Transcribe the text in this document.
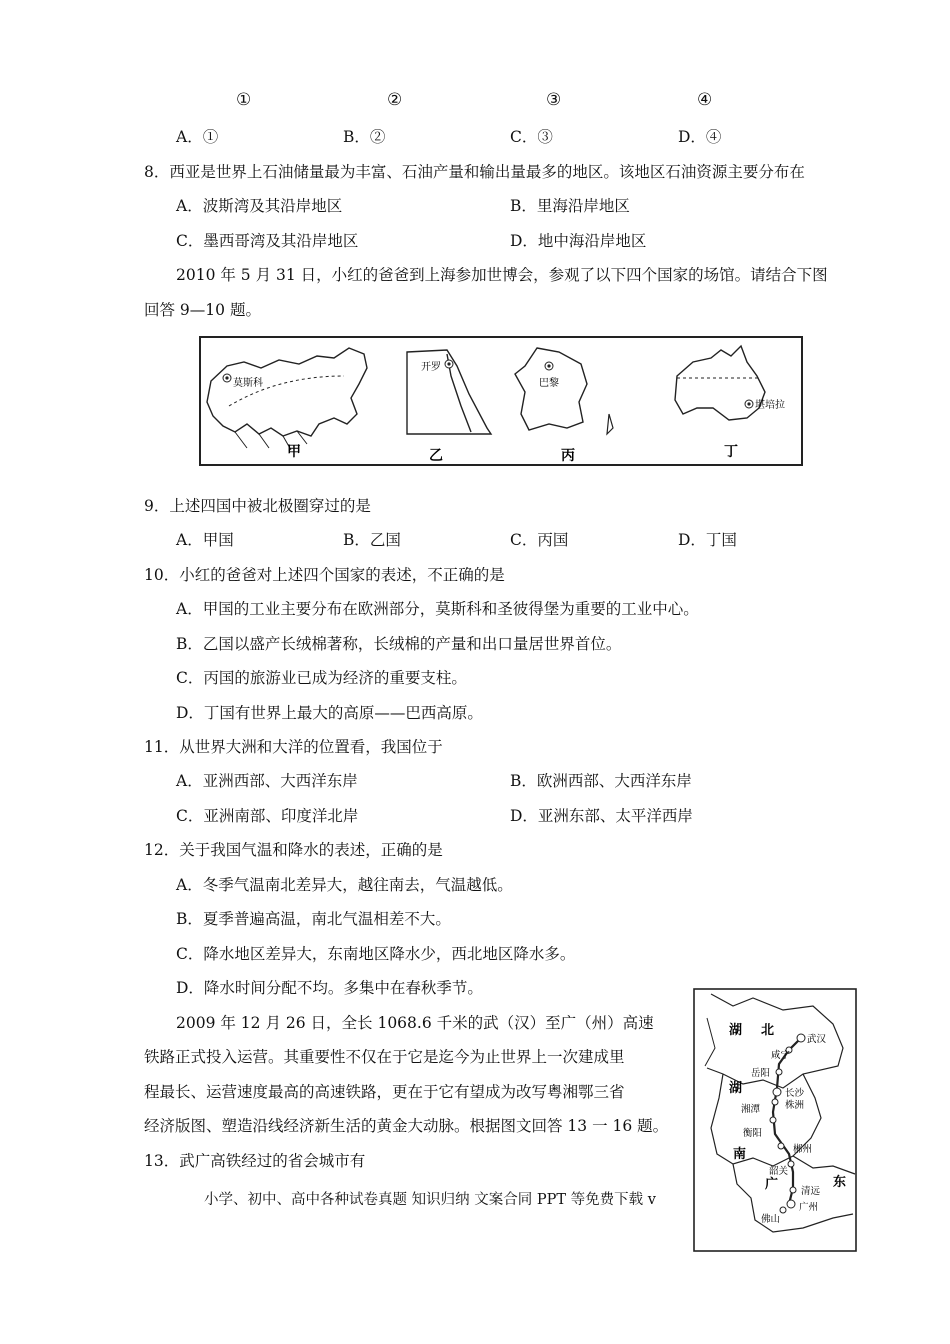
①	②	③	④
A．①	B．②	C．③	D．④
8．西亚是世界上石油储量最为丰富、石油产量和输出量最多的地区。该地区石油资源主要分布在
A．波斯湾及其沿岸地区	B．里海沿岸地区
C．墨西哥湾及其沿岸地区	D．地中海沿岸地区
2010 年 5 月 31 日，小红的爸爸到上海参加世博会，参观了以下四个国家的场馆。请结合下图
回答 9—10 题。
莫斯科
甲
开罗
乙
巴黎
丙
堪培拉
丁
9．上述四国中被北极圈穿过的是
A．甲国	B．乙国	C．丙国	D．丁国
10．小红的爸爸对上述四个国家的表述，不正确的是
A．甲国的工业主要分布在欧洲部分，莫斯科和圣彼得堡为重要的工业中心。
B．乙国以盛产长绒棉著称，长绒棉的产量和出口量居世界首位。
C．丙国的旅游业已成为经济的重要支柱。
D．丁国有世界上最大的高原——巴西高原。
11．从世界大洲和大洋的位置看，我国位于
A．亚洲西部、大西洋东岸	B．欧洲西部、大西洋东岸
C．亚洲南部、印度洋北岸	D．亚洲东部、太平洋西岸
12．关于我国气温和降水的表述，正确的是
A．冬季气温南北差异大，越往南去，气温越低。
B．夏季普遍高温，南北气温相差不大。
C．降水地区差异大，东南地区降水少，西北地区降水多。
D．降水时间分配不均。多集中在春秋季节。
2009 年 12 月 26 日，全长 1068.6 千米的武（汉）至广（州）高速
铁路正式投入运营。其重要性不仅在于它是迄今为止世界上一次建成里
程最长、运营速度最高的高速铁路，更在于它有望成为改写粤湘鄂三省
经济版图、塑造沿线经济新生活的黄金大动脉。根据图文回答 13 一 16 题。
13．武广高铁经过的省会城市有
小学、初中、高中各种试卷真题 知识归纳 文案合同 PPT 等免费下载 v
湖 北
湖
南
广	东
武汉
咸宁
岳阳
长沙
株洲
湘潭
衡阳
郴州
韶关
清远
广州
佛山
